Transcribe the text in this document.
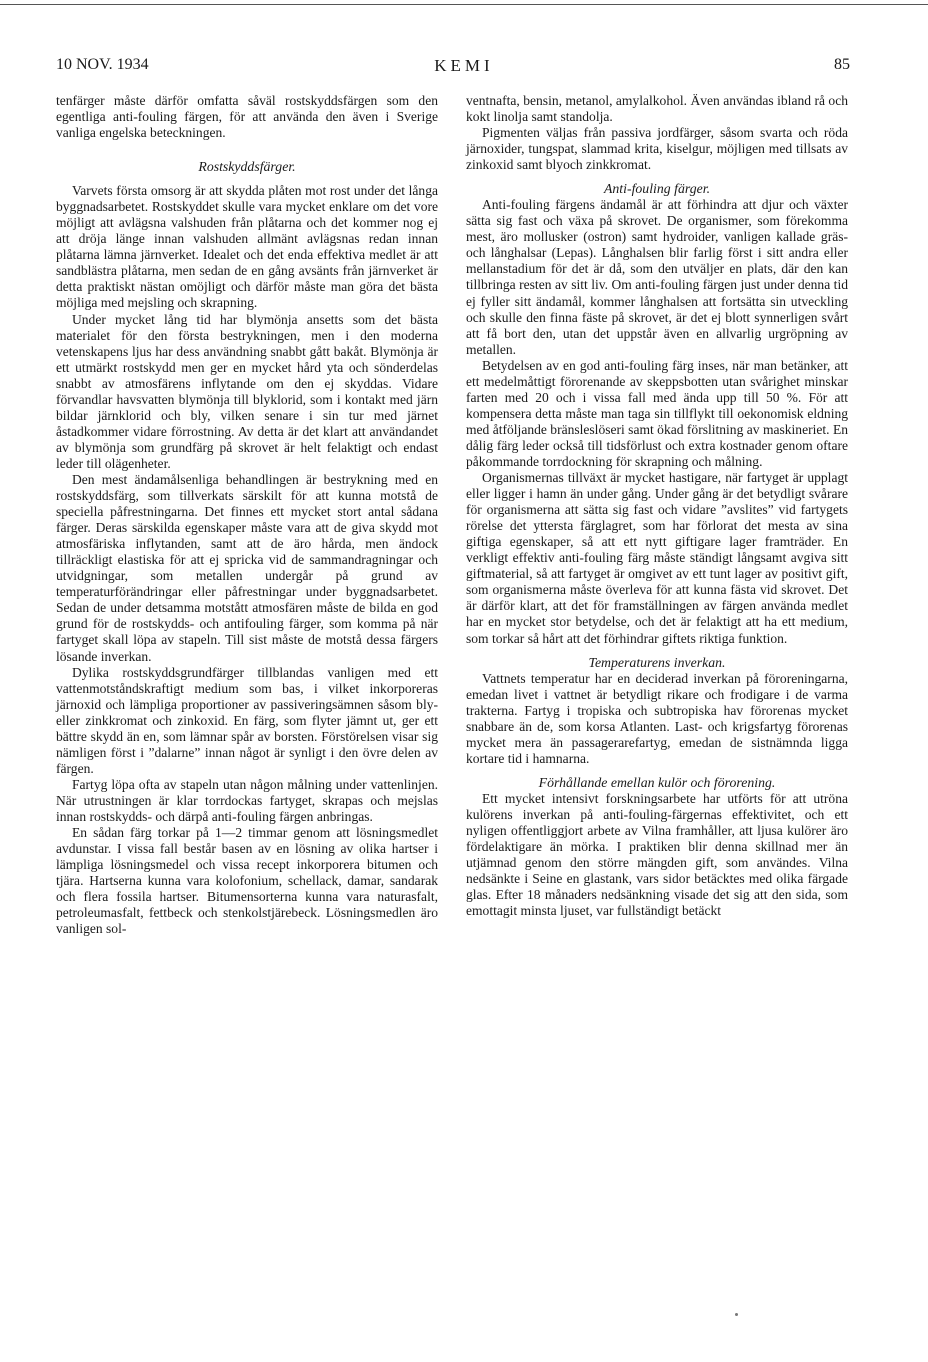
10 NOV. 1934	KEMI	85

tenfärger måste därför omfatta såväl rostskyddsfärgen som den egentliga anti-fouling färgen, för att använda den även i Sverige vanliga engelska beteckningen.

Rostskyddsfärger.

Varvets första omsorg är att skydda plåten mot rost under det långa byggnadsarbetet. Rostskyddet skulle vara mycket enklare om det vore möjligt att avlägsna valshuden från plåtarna och det kommer nog ej att dröja länge innan valshuden allmänt avlägsnas redan innan plåtarna lämna järnverket. Idealet och det enda effektiva medlet är att sandblästra plåtarna, men sedan de en gång avsänts från järnverket är detta praktiskt nästan omöjligt och därför måste man göra det bästa möjliga med mejsling och skrapning.

Under mycket lång tid har blymönja ansetts som det bästa materialet för den första bestrykningen, men i den moderna vetenskapens ljus har dess användning snabbt gått bakåt. Blymönja är ett utmärkt rostskydd men ger en mycket hård yta och sönderdelas snabbt av atmosfärens inflytande om den ej skyddas. Vidare förvandlar havsvatten blymönja till blyklorid, som i kontakt med järn bildar järnklorid och bly, vilken senare i sin tur med järnet åstadkommer vidare förrostning. Av detta är det klart att användandet av blymönja som grundfärg på skrovet är helt felaktigt och endast leder till olägenheter.

Den mest ändamålsenliga behandlingen är bestrykning med en rostskyddsfärg, som tillverkats särskilt för att kunna motstå de speciella påfrestningarna. Det finnes ett mycket stort antal sådana färger. Deras särskilda egenskaper måste vara att de giva skydd mot atmosfäriska inflytanden, samt att de äro hårda, men ändock tillräckligt elastiska för att ej spricka vid de sammandragningar och utvidgningar, som metallen undergår på grund av temperaturförändringar eller påfrestningar under byggnadsarbetet. Sedan de under detsamma motstått atmosfären måste de bilda en god grund för de rostskydds- och antifouling färger, som komma på när fartyget skall löpa av stapeln. Till sist måste de motstå dessa färgers lösande inverkan.

Dylika rostskyddsgrundfärger tillblandas vanligen med ett vattenmotståndskraftigt medium som bas, i vilket inkorporeras järnoxid och lämpliga proportioner av passiveringsämnen såsom bly- eller zinkkromat och zinkoxid. En färg, som flyter jämnt ut, ger ett bättre skydd än en, som lämnar spår av borsten. Förstörelsen visar sig nämligen först i ”dalarne” innan något är synligt i den övre delen av färgen.

Fartyg löpa ofta av stapeln utan någon målning under vattenlinjen. När utrustningen är klar torrdockas fartyget, skrapas och mejslas innan rostskydds- och därpå anti-fouling färgen anbringas.

En sådan färg torkar på 1—2 timmar genom att lösningsmedlet avdunstar. I vissa fall består basen av en lösning av olika hartser i lämpliga lösningsmedel och vissa recept inkorporera bitumen och tjära. Hartserna kunna vara kolofonium, schellack, damar, sandarak och flera fossila hartser. Bitumensorterna kunna vara naturasfalt, petroleumasfalt, fettbeck och stenkolstjärebeck. Lösningsmedlen äro vanligen sol-

ventnafta, bensin, metanol, amylalkohol. Även användas ibland rå och kokt linolja samt standolja.

Pigmenten väljas från passiva jordfärger, såsom svarta och röda järnoxider, tungspat, slammad krita, kiselgur, möjligen med tillsats av zinkoxid samt blyoch zinkkromat.

Anti-fouling färger.

Anti-fouling färgens ändamål är att förhindra att djur och växter sätta sig fast och växa på skrovet. De organismer, som förekomma mest, äro mollusker (ostron) samt hydroider, vanligen kallade gräs- och långhalsar (Lepas). Långhalsen blir farlig först i sitt andra eller mellanstadium för det är då, som den utväljer en plats, där den kan tillbringa resten av sitt liv. Om anti-fouling färgen just under denna tid ej fyller sitt ändamål, kommer långhalsen att fortsätta sin utveckling och skulle den finna fäste på skrovet, är det ej blott synnerligen svårt att få bort den, utan det uppstår även en allvarlig urgröpning av metallen.

Betydelsen av en god anti-fouling färg inses, när man betänker, att ett medelmåttigt förorenande av skeppsbotten utan svårighet minskar farten med 20 och i vissa fall med ända upp till 50 %. För att kompensera detta måste man taga sin tillflykt till oekonomisk eldning med åtföljande bränsleslöseri samt ökad förslitning av maskineriet. En dålig färg leder också till tidsförlust och extra kostnader genom oftare påkommande torrdockning för skrapning och målning.

Organismernas tillväxt är mycket hastigare, när fartyget är upplagt eller ligger i hamn än under gång. Under gång är det betydligt svårare för organismerna att sätta sig fast och vidare ”avslites” vid fartygets rörelse det yttersta färglagret, som har förlorat det mesta av sina giftiga egenskaper, så att ett nytt giftigare lager framträder. En verkligt effektiv anti-fouling färg måste ständigt långsamt avgiva sitt giftmaterial, så att fartyget är omgivet av ett tunt lager av positivt gift, som organismerna måste överleva för att kunna fästa vid skrovet. Det är därför klart, att det för framställningen av färgen använda medlet har en mycket stor betydelse, och det är felaktigt att ha ett medium, som torkar så hårt att det förhindrar giftets riktiga funktion.

Temperaturens inverkan.

Vattnets temperatur har en deciderad inverkan på föroreningarna, emedan livet i vattnet är betydligt rikare och frodigare i de varma trakterna. Fartyg i tropiska och subtropiska hav förorenas mycket snabbare än de, som korsa Atlanten. Last- och krigsfartyg förorenas mycket mera än passagerarefartyg, emedan de sistnämnda ligga kortare tid i hamnarna.

Förhållande emellan kulör och förorening.

Ett mycket intensivt forskningsarbete har utförts för att utröna kulörens inverkan på anti-fouling-färgernas effektivitet, och ett nyligen offentliggjort arbete av Vilna framhåller, att ljusa kulörer äro fördelaktigare än mörka. I praktiken blir denna skillnad mer än utjämnad genom den större mängden gift, som användes. Vilna nedsänkte i Seine en glastank, vars sidor betäcktes med olika färgade glas. Efter 18 månaders nedsänkning visade det sig att den sida, som emottagit minsta ljuset, var fullständigt betäckt
